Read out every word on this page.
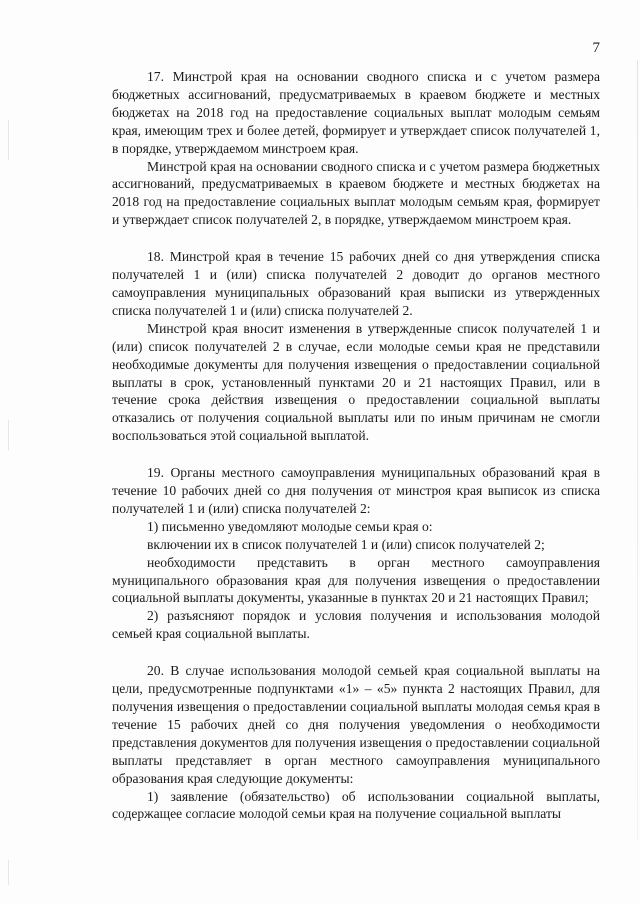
7

17. Минстрой края на основании сводного списка и с учетом размера бюджетных ассигнований, предусматриваемых в краевом бюджете и местных бюджетах на 2018 год на предоставление социальных выплат молодым семьям края, имеющим трех и более детей, формирует и утверждает список получателей 1, в порядке, утверждаемом минстроем края.

Минстрой края на основании сводного списка и с учетом размера бюджетных ассигнований, предусматриваемых в краевом бюджете и местных бюджетах на 2018 год на предоставление социальных выплат молодым семьям края, формирует и утверждает список получателей 2, в порядке, утверждаемом минстроем края.

18. Минстрой края в течение 15 рабочих дней со дня утверждения списка получателей 1 и (или) списка получателей 2 доводит до органов местного самоуправления муниципальных образований края выписки из утвержденных списка получателей 1 и (или) списка получателей 2.

Минстрой края вносит изменения в утвержденные список получателей 1 и (или) список получателей 2 в случае, если молодые семьи края не представили необходимые документы для получения извещения о предоставлении социальной выплаты в срок, установленный пунктами 20 и 21 настоящих Правил, или в течение срока действия извещения о предоставлении социальной выплаты отказались от получения социальной выплаты или по иным причинам не смогли воспользоваться этой социальной выплатой.

19. Органы местного самоуправления муниципальных образований края в течение 10 рабочих дней со дня получения от минстроя края выписок из списка получателей 1 и (или) списка получателей 2:

1) письменно уведомляют молодые семьи края о:

включении их в список получателей 1 и (или) список получателей 2;

необходимости представить в орган местного самоуправления муниципального образования края для получения извещения о предоставлении социальной выплаты документы, указанные в пунктах 20 и 21 настоящих Правил;

2) разъясняют порядок и условия получения и использования молодой семьей края социальной выплаты.

20. В случае использования молодой семьей края социальной выплаты на цели, предусмотренные подпунктами «1» – «5» пункта 2 настоящих Правил, для получения извещения о предоставлении социальной выплаты молодая семья края в течение 15 рабочих дней со дня получения уведомления о необходимости представления документов для получения извещения о предоставлении социальной выплаты представляет в орган местного самоуправления муниципального образования края следующие документы:

1) заявление (обязательство) об использовании социальной выплаты, содержащее согласие молодой семьи края на получение социальной выплаты
